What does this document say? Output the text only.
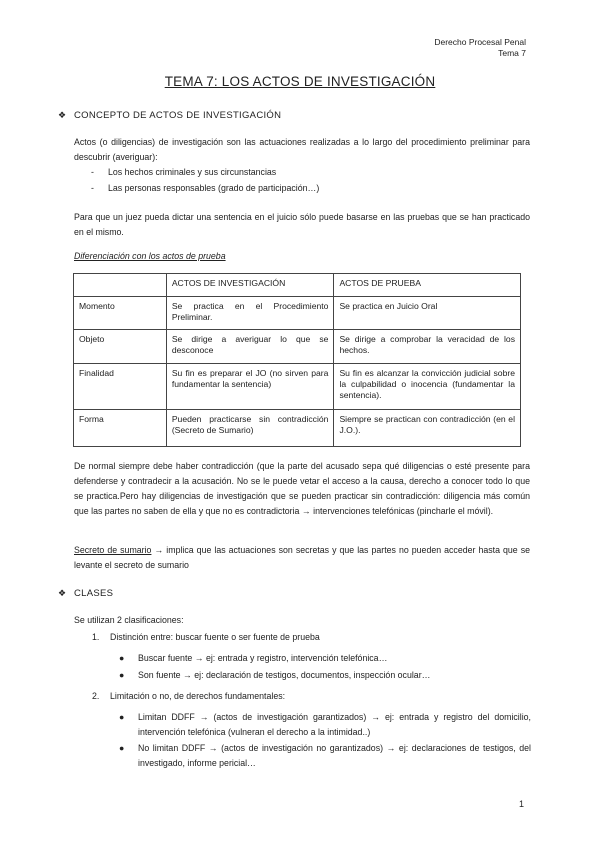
Derecho Procesal Penal
Tema 7
TEMA 7: LOS ACTOS DE INVESTIGACIÓN
❖ CONCEPTO DE ACTOS DE INVESTIGACIÓN
Actos (o diligencias) de investigación son las actuaciones realizadas a lo largo del procedimiento preliminar para descubrir (averiguar):
- Los hechos criminales y sus circunstancias
- Las personas responsables (grado de participación…)
Para que un juez pueda dictar una sentencia en el juicio sólo puede basarse en las pruebas que se han practicado en el mismo.
Diferenciación con los actos de prueba
	ACTOS DE INVESTIGACIÓN	ACTOS DE PRUEBA
Momento	Se practica en el Procedimiento Preliminar.	Se practica en Juicio Oral
Objeto	Se dirige a averiguar lo que se desconoce	Se dirige a comprobar la veracidad de los hechos.
Finalidad	Su fin es preparar el JO (no sirven para fundamentar la sentencia)	Su fin es alcanzar la convicción judicial sobre la culpabilidad o inocencia (fundamentar la sentencia).
Forma	Pueden practicarse sin contradicción (Secreto de Sumario)	Siempre se practican con contradicción (en el J.O.).
De normal siempre debe haber contradicción (que la parte del acusado sepa qué diligencias o esté presente para defenderse y contradecir a la acusación. No se le puede vetar el acceso a la causa, derecho a conocer todo lo que se practica.Pero hay diligencias de investigación que se pueden practicar sin contradicción: diligencia más común que las partes no saben de ella y que no es contradictoria → intervenciones telefónicas (pincharle el móvil).
Secreto de sumario → implica que las actuaciones son secretas y que las partes no pueden acceder hasta que se levante el secreto de sumario
❖ CLASES
Se utilizan 2 clasificaciones:
1. Distinción entre: buscar fuente o ser fuente de prueba
● Buscar fuente → ej: entrada y registro, intervención telefónica…
● Son fuente → ej: declaración de testigos, documentos, inspección ocular…
2. Limitación o no, de derechos fundamentales:
● Limitan DDFF → (actos de investigación garantizados) → ej: entrada y registro del domicilio, intervención telefónica (vulneran el derecho a la intimidad..)
● No limitan DDFF → (actos de investigación no garantizados) → ej: declaraciones de testigos, del investigado, informe pericial…
1
